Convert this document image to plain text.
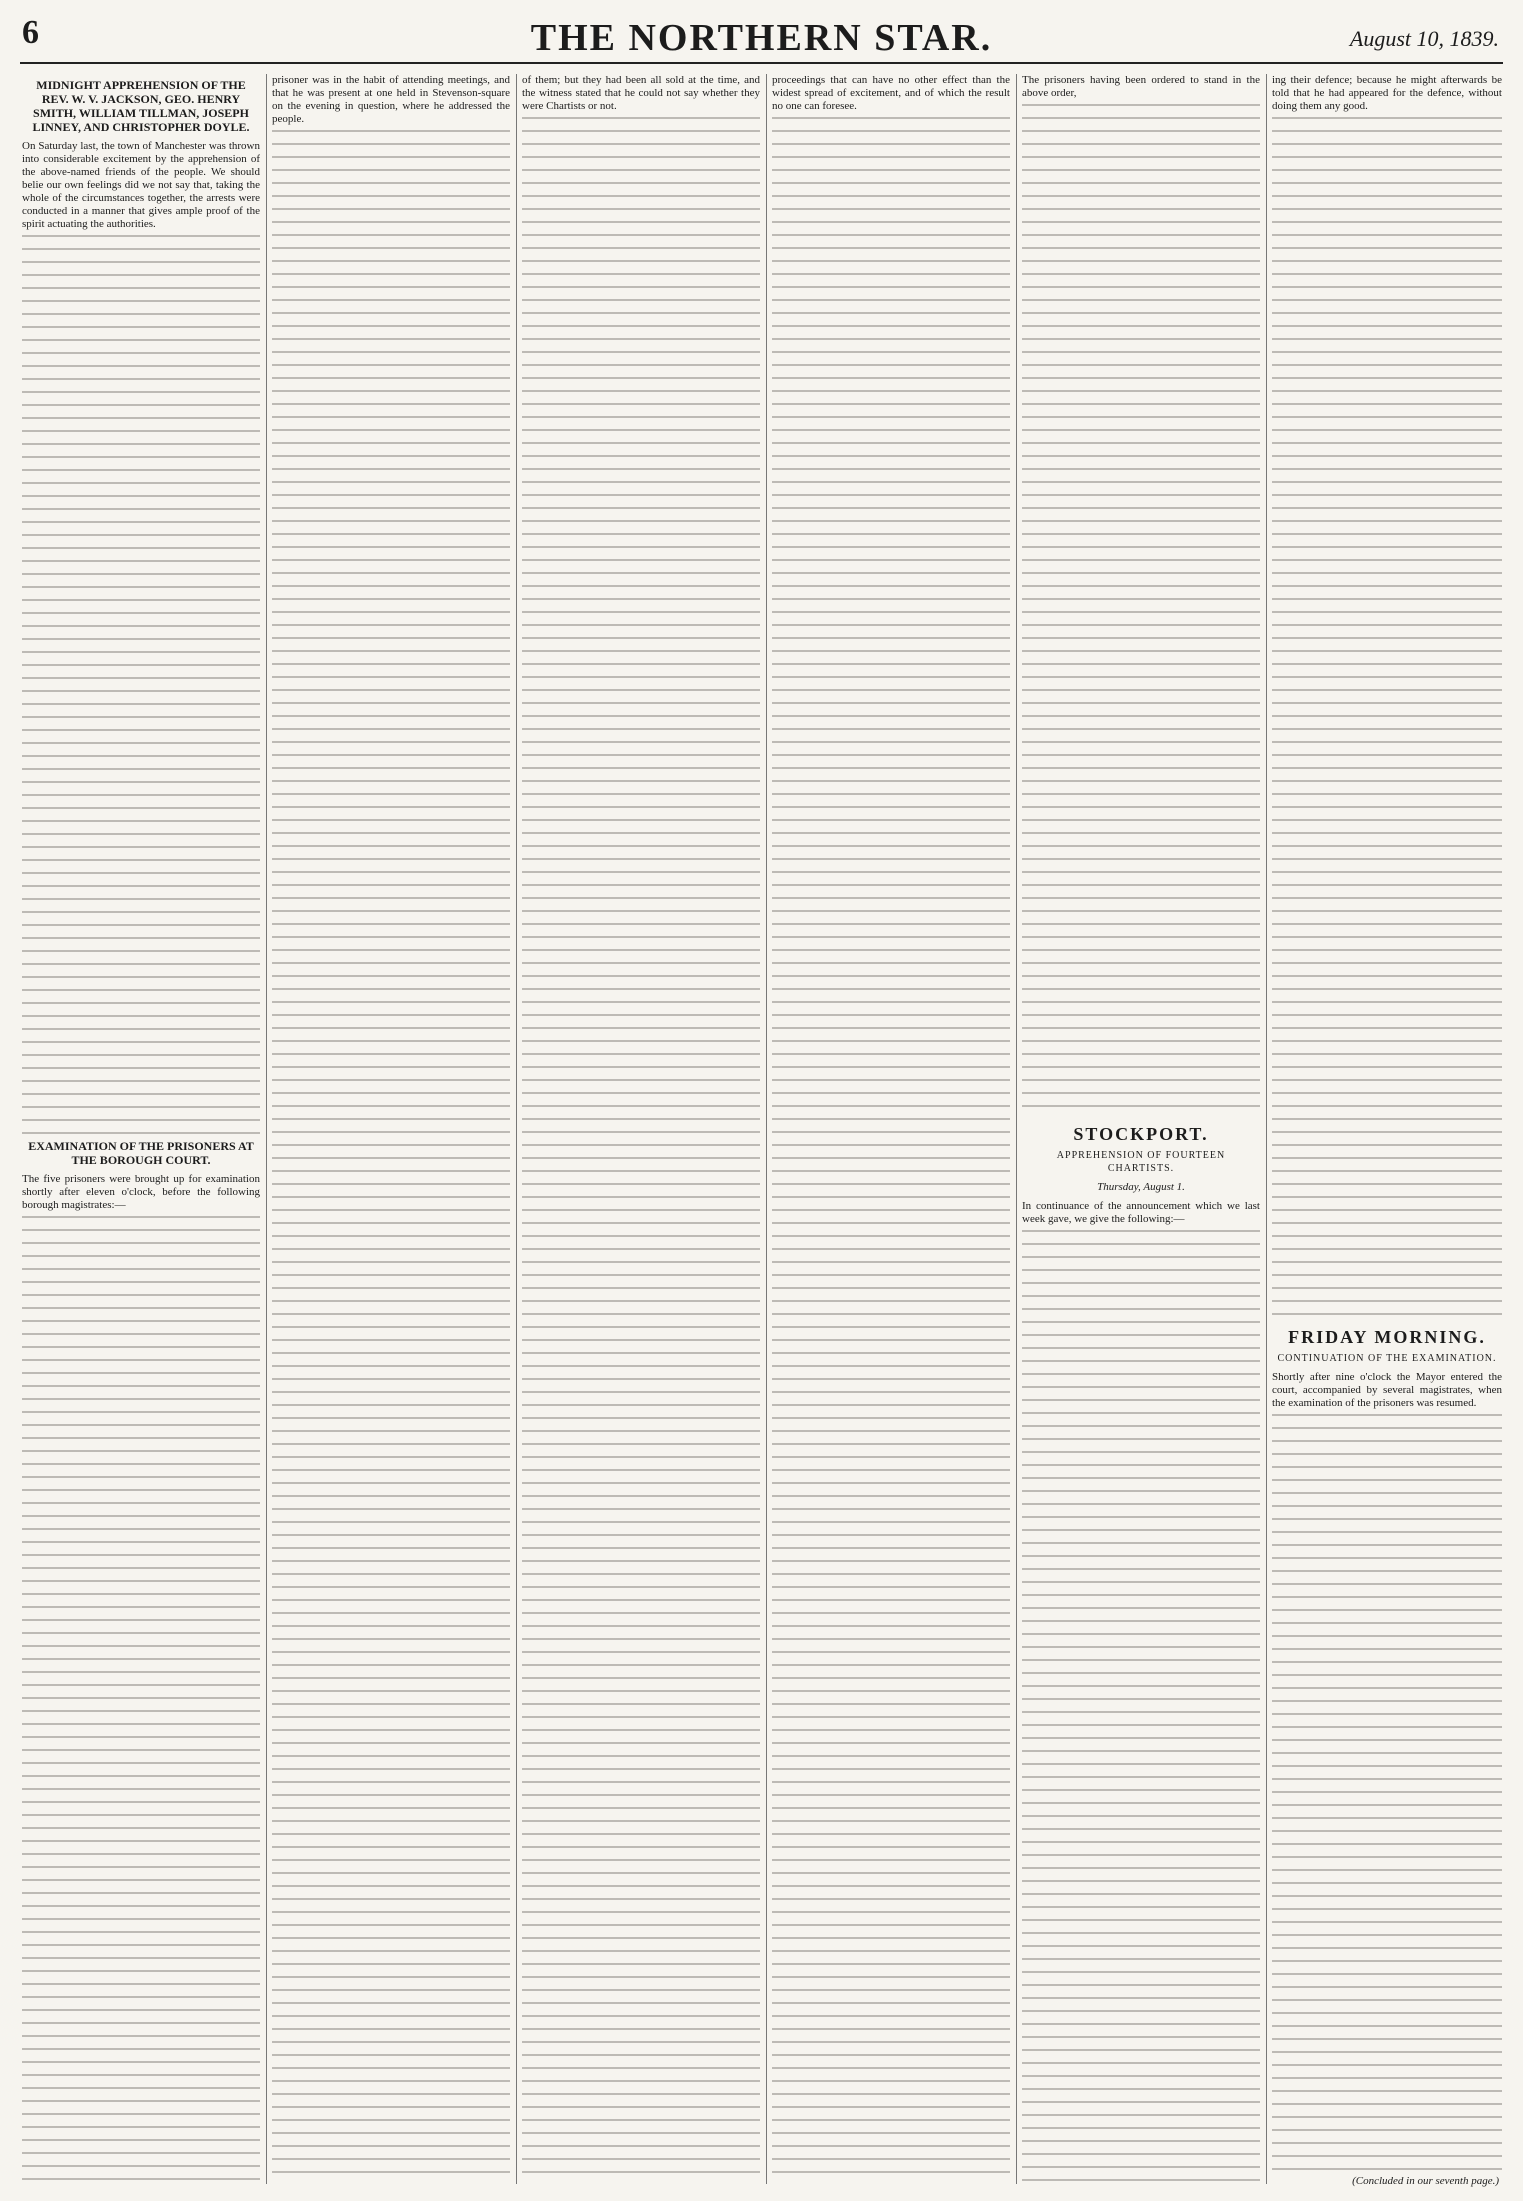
6	THE NORTHERN STAR.	August 10, 1839.
MIDNIGHT APPREHENSION OF THE REV. W. V. JACKSON, GEO. HENRY SMITH, WILLIAM TILLMAN, JOSEPH LINNEY, AND CHRISTOPHER DOYLE.

On Saturday last, the town of Manchester was thrown into considerable excitement by the apprehension of the above-named friends of the people. We should belie our own feelings did we not say that, taking the whole of the circumstances together, the arrests were conducted in a manner that gives ample proof of the spirit actuating the authorities.

EXAMINATION OF THE PRISONERS AT THE BOROUGH COURT.

The five prisoners were brought up for examination shortly after eleven o'clock, before the following borough magistrates:—

prisoner was in the habit of attending meetings, and that he was present at one held in Stevenson-square on the evening in question, where he addressed the people.

of them; but they had been all sold at the time, and the witness stated that he could not say whether they were Chartists or not.

proceedings that can have no other effect than the widest spread of excitement, and of which the result no one can foresee.

The prisoners having been ordered to stand in the above order,

STOCKPORT.
APPREHENSION OF FOURTEEN CHARTISTS.
Thursday, August 1.

In continuance of the announcement which we last week gave, we give the following:—

ing their defence; because he might afterwards be told that he had appeared for the defence, without doing them any good.

FRIDAY MORNING.
CONTINUATION OF THE EXAMINATION.

Shortly after nine o'clock the Mayor entered the court, accompanied by several magistrates, when the examination of the prisoners was resumed.

(Concluded in our seventh page.)
